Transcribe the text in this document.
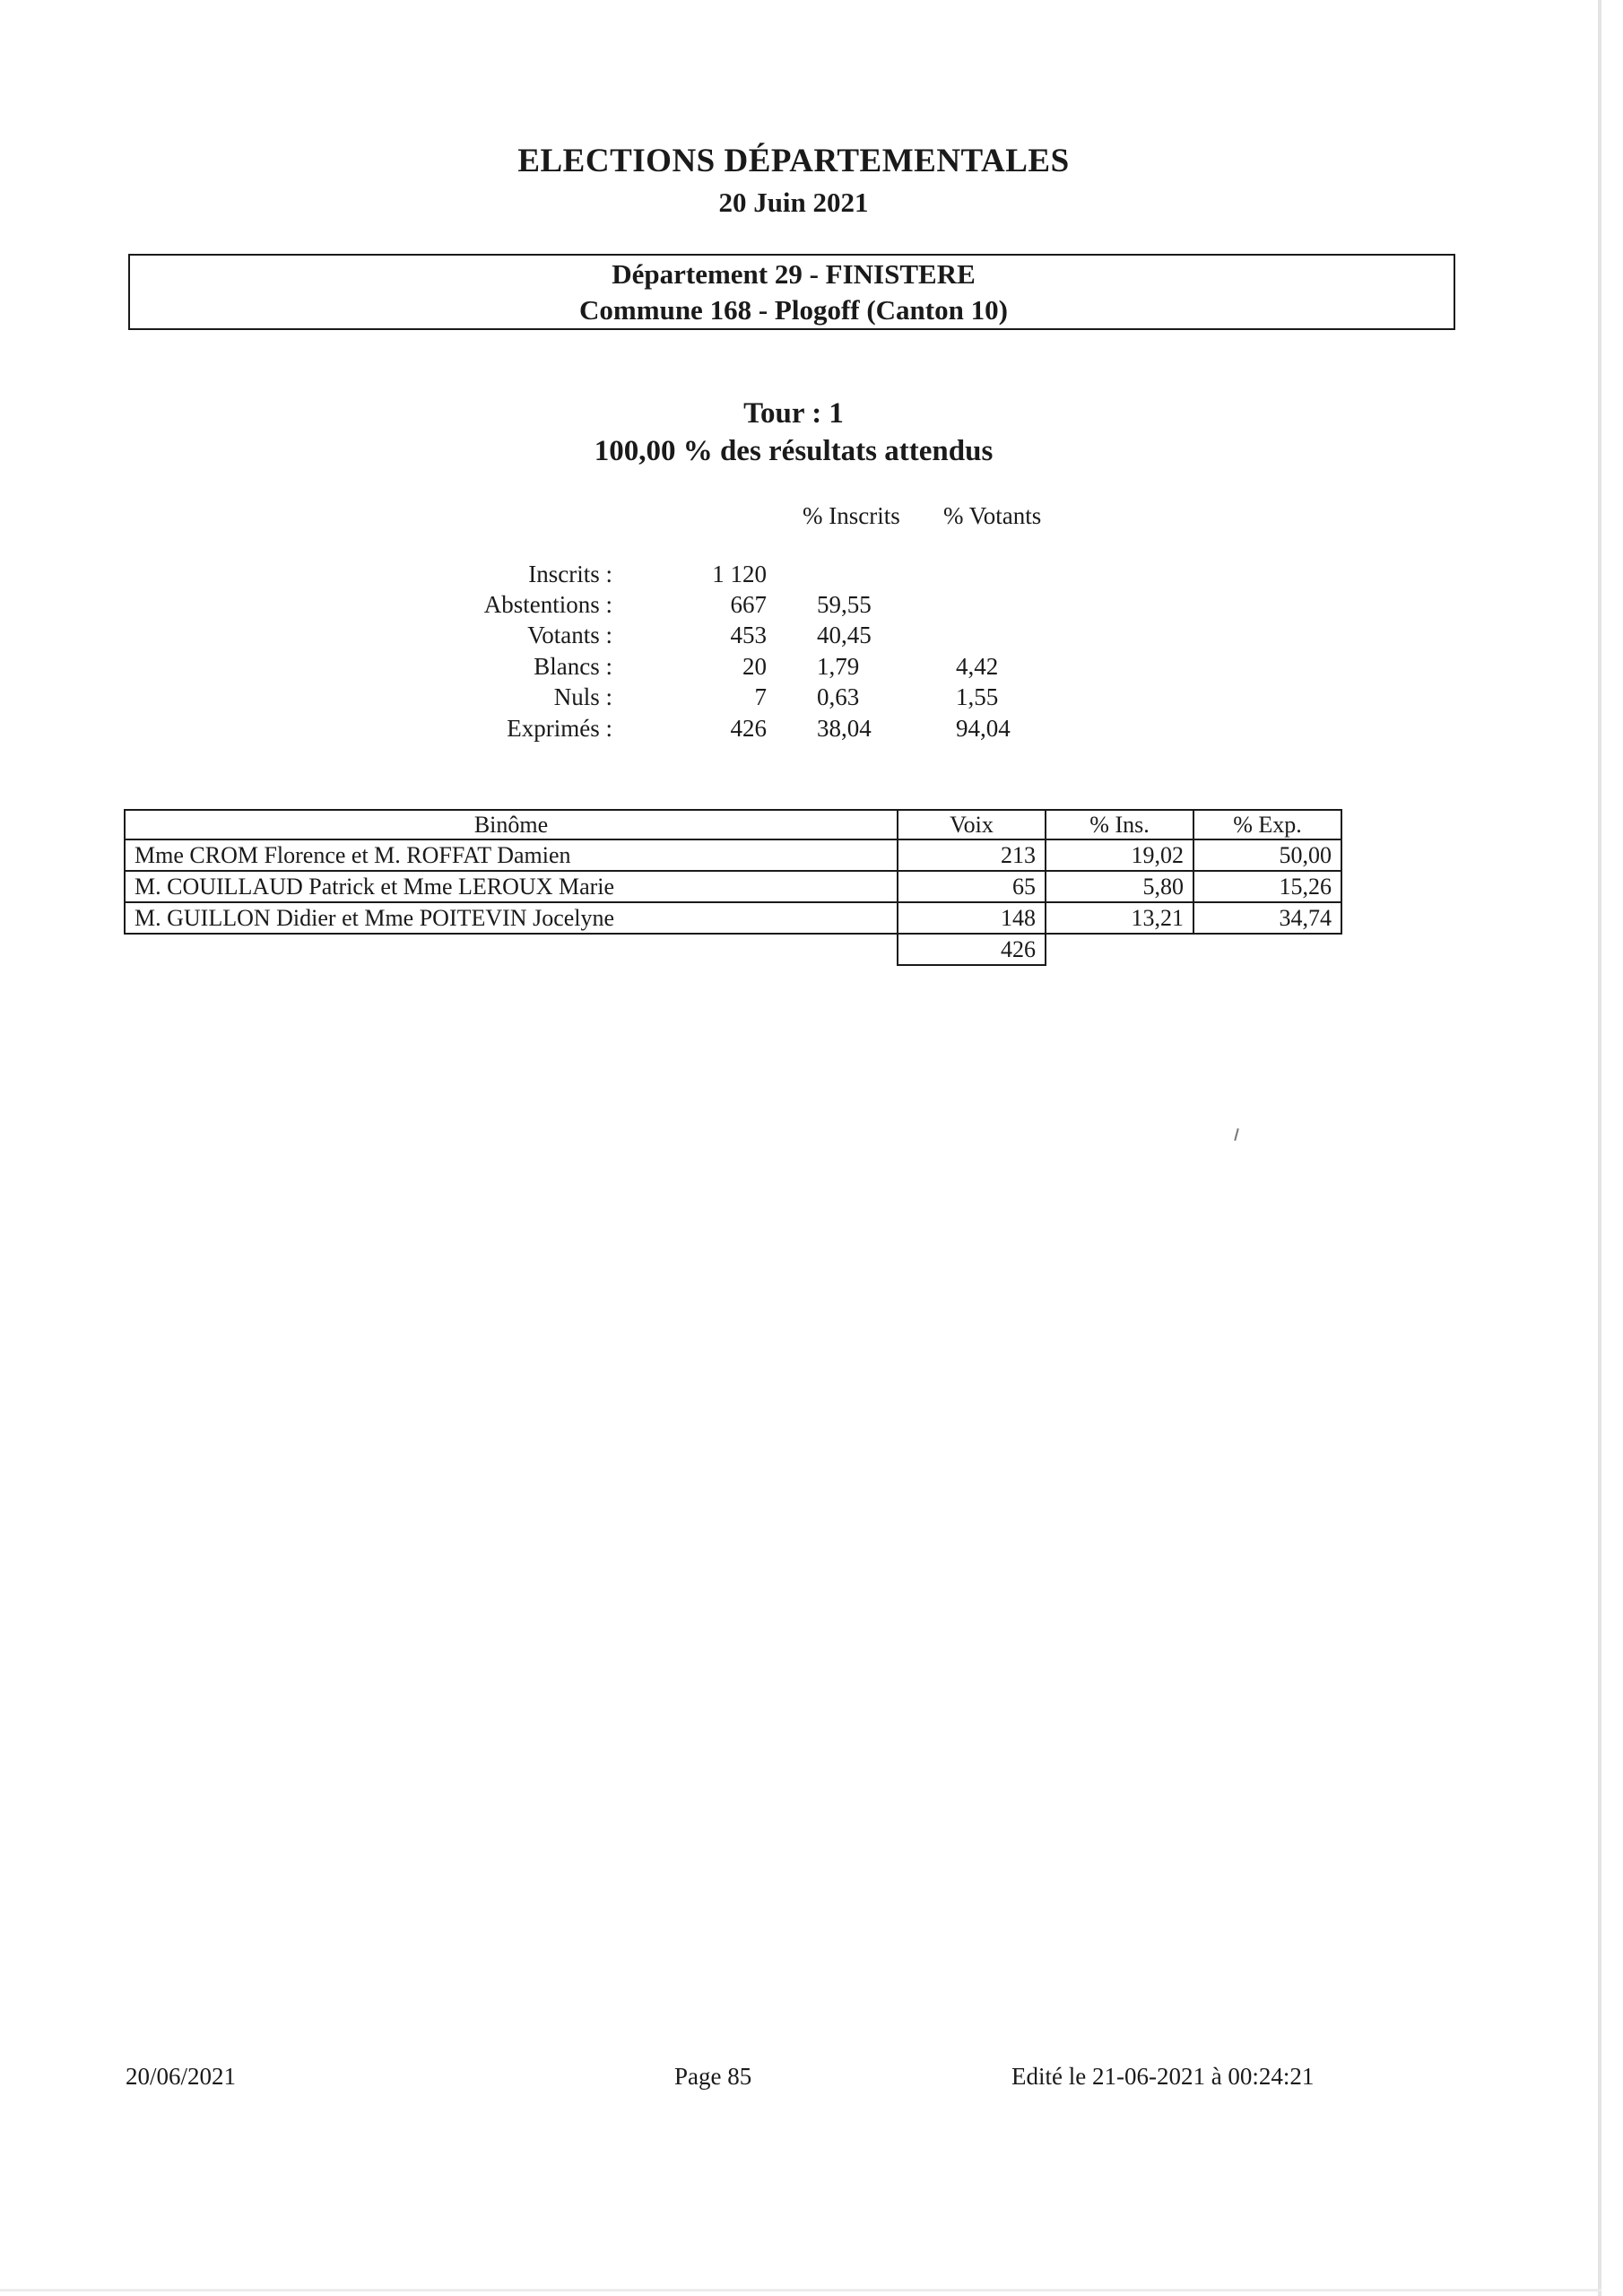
ELECTIONS DÉPARTEMENTALES
20 Juin 2021
Département 29 - FINISTERE
Commune 168 - Plogoff (Canton 10)
Tour : 1
100,00 % des résultats attendus
% Inscrits % Votants
Inscrits :	1 120
Abstentions :	667 59,55
Votants :	453 40,45
Blancs :	20 1,79	4,42
Nuls :	7 0,63	1,55
Exprimés :	426 38,04	94,04
Binôme	Voix	% Ins.	% Exp.
Mme CROM Florence et M. ROFFAT Damien	213	19,02	50,00
M. COUILLAUD Patrick et Mme LEROUX Marie	65	5,80	15,26
M. GUILLON Didier et Mme POITEVIN Jocelyne	148	13,21	34,74
	426		
20/06/2021	Page 85	Edité le 21-06-2021 à 00:24:21
